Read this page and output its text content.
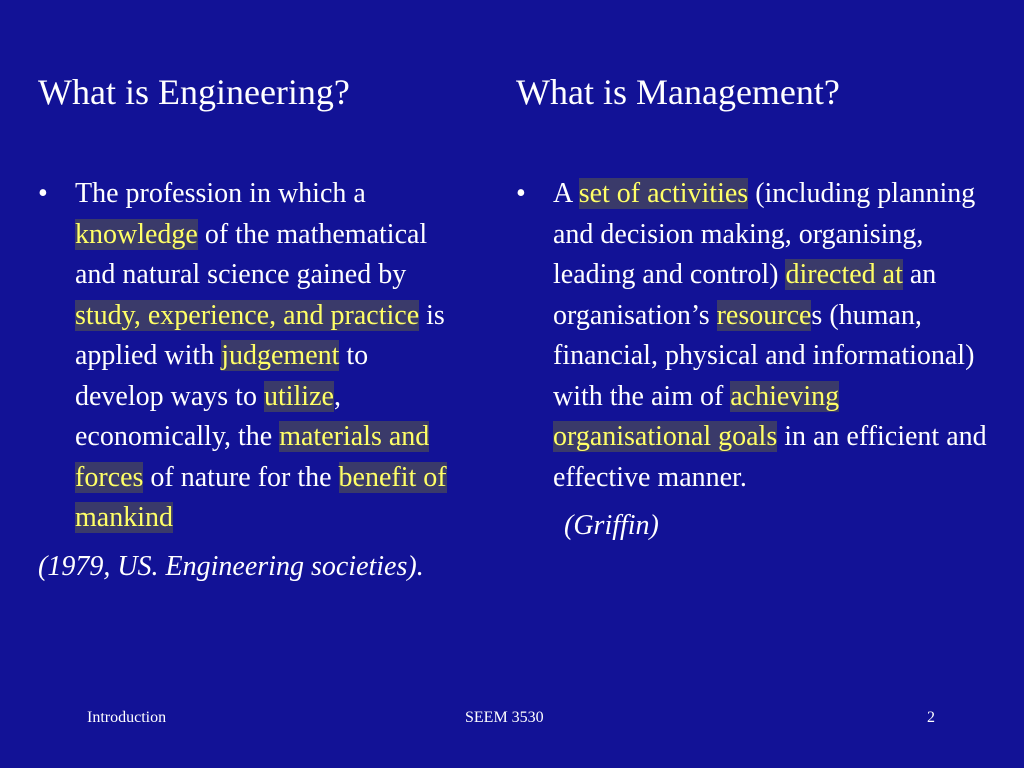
What is Engineering?	What is Management?
• The profession in which a knowledge of the mathematical and natural science gained by study, experience, and practice is applied with judgement to develop ways to utilize, economically, the materials and forces of nature for the benefit of mankind
(1979, US. Engineering societies).
• A set of activities (including planning and decision making, organising, leading and control) directed at an organisation’s resources (human, financial, physical and informational) with the aim of achieving organisational goals in an efficient and effective manner.
(Griffin)
Introduction	SEEM 3530	2
